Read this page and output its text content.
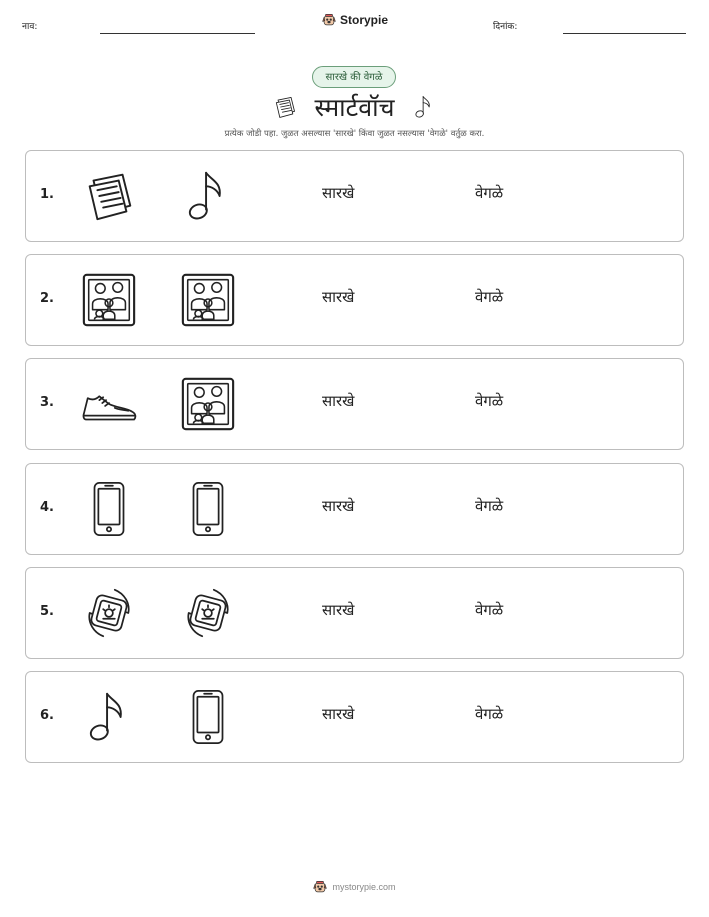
नाव:	Storypie	दिनांक:
सारखे की वेगळे
स्मार्टवॉच
प्रत्येक जोडी पहा. जुळत असल्यास 'सारखे' किंवा जुळत नसल्यास 'वेगळे' वर्तुळ करा.
1.	सारखे	वेगळे
2.	सारखे	वेगळे
3.	सारखे	वेगळे
4.	सारखे	वेगळे
5.	सारखे	वेगळे
6.	सारखे	वेगळे
mystorypie.com
